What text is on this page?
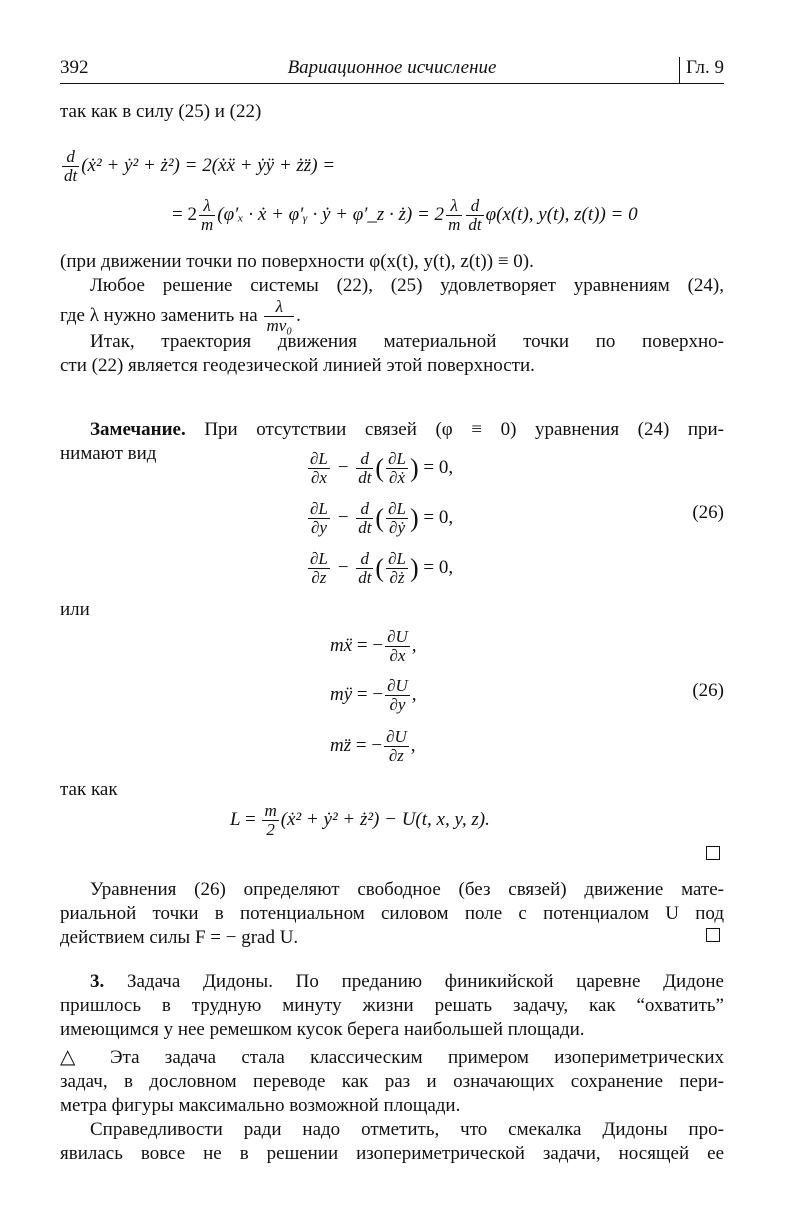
392	Вариационное исчисление	Гл. 9
так как в силу (25) и (22)
$\frac{d}{dt}$ (ẋ² + ẏ² + ż²) = 2(ẋẍ + ẏÿ + żz̈) =
= $2 \frac{\lambda}{m} (\varphi'_x$ · ẋ + φ′ᵧ · ẏ + φ′_z · ż) = $2 \frac{\lambda}{m} \frac{d}{dt} \varphi(x(t)$, y(t), z(t)) = 0
(при движении точки по поверхности φ(x(t), y(t), z(t)) ≡ 0).
Любое решение системы (22), (25) удовлетворяет уравнениям (24),
где λ нужно заменить на $\frac{\lambda}{\text{mv₀}}$ .
Итак, траектория движения материальной точки по поверхно-
сти (22) является геодезической линией этой поверхности.
Замечание. При отсутствии связей (φ ≡ 0) уравнения (24) при-
нимают вид	$\frac{\partial L}{\partial x} - \frac{d}{dt}$ ( $\frac{\partial L}{\text{∂ẋ}}$ ) = 0,
$\frac{\partial L}{\partial y} - \frac{d}{dt}$ ( $\frac{\partial L}{\text{∂ẏ}}$ ) = 0,	(26)
$\frac{\partial L}{\partial z} - \frac{d}{dt}$ ( $\frac{\partial L}{\partial ż}$ ) = 0,
или
mẍ = − $\frac{\partial U}{\partial x}$ ,
mÿ = − $\frac{\partial U}{\partial y}$ ,	(26)
mz̈ = − $\frac{\partial U}{\partial z}$ ,
так как
$L = \frac{m}{2}$ (ẋ² + ẏ² + ż²) − U(t, x, y, z).
Уравнения (26) определяют свободное (без связей) движение мате-
риальной точки в потенциальном силовом поле с потенциалом U под
действием силы F = − grad U.
3. Задача Дидоны. По преданию финикийской царевне Дидоне
пришлось в трудную минуту жизни решать задачу, как “охватить”
имеющимся у нее ремешком кусок берега наибольшей площади.
△ Эта задача стала классическим примером изопериметрических
задач, в дословном переводе как раз и означающих сохранение пери-
метра фигуры максимально возможной площади.
Справедливости ради надо отметить, что смекалка Дидоны про-
явилась вовсе не в решении изопериметрической задачи, носящей ее
